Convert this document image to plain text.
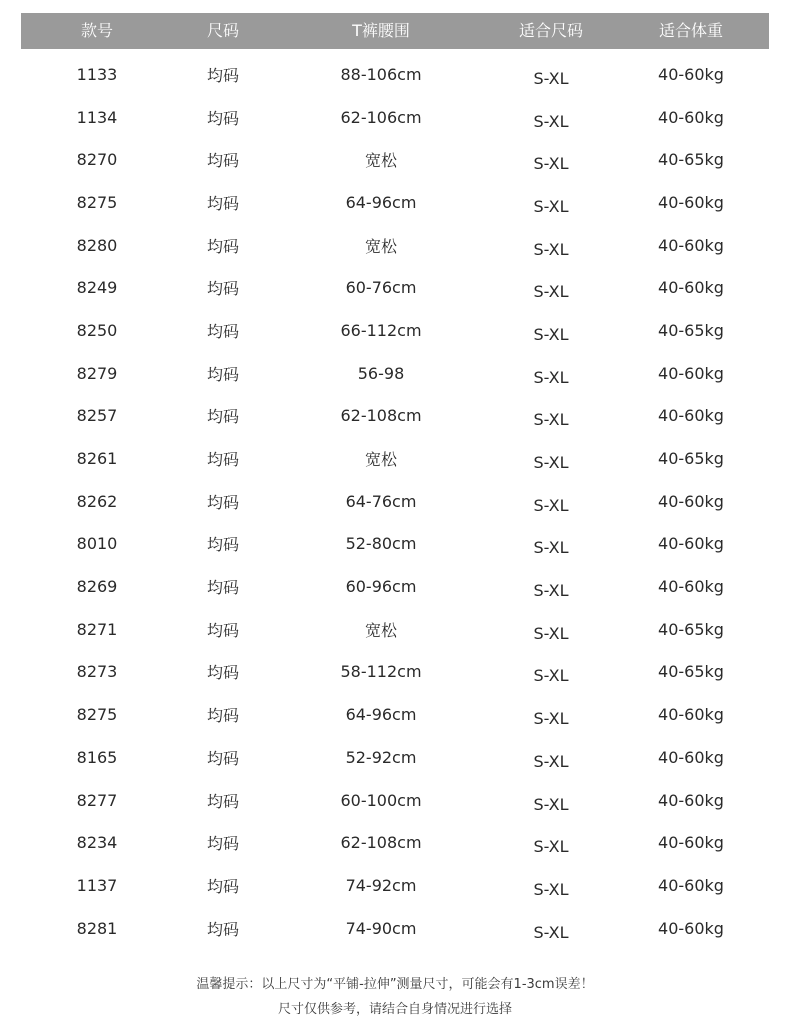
款号	尺码	T裤腰围	适合尺码	适合体重
1133	均码	88-106cm	S-XL	40-60kg
1134	均码	62-106cm	S-XL	40-60kg
8270	均码	宽松	S-XL	40-65kg
8275	均码	64-96cm	S-XL	40-60kg
8280	均码	宽松	S-XL	40-60kg
8249	均码	60-76cm	S-XL	40-60kg
8250	均码	66-112cm	S-XL	40-65kg
8279	均码	56-98	S-XL	40-60kg
8257	均码	62-108cm	S-XL	40-60kg
8261	均码	宽松	S-XL	40-65kg
8262	均码	64-76cm	S-XL	40-60kg
8010	均码	52-80cm	S-XL	40-60kg
8269	均码	60-96cm	S-XL	40-60kg
8271	均码	宽松	S-XL	40-65kg
8273	均码	58-112cm	S-XL	40-65kg
8275	均码	64-96cm	S-XL	40-60kg
8165	均码	52-92cm	S-XL	40-60kg
8277	均码	60-100cm	S-XL	40-60kg
8234	均码	62-108cm	S-XL	40-60kg
1137	均码	74-92cm	S-XL	40-60kg
8281	均码	74-90cm	S-XL	40-60kg
温馨提示：以上尺寸为“平铺-拉伸”测量尺寸，可能会有1-3cm误差！
尺寸仅供参考，请结合自身情况进行选择
